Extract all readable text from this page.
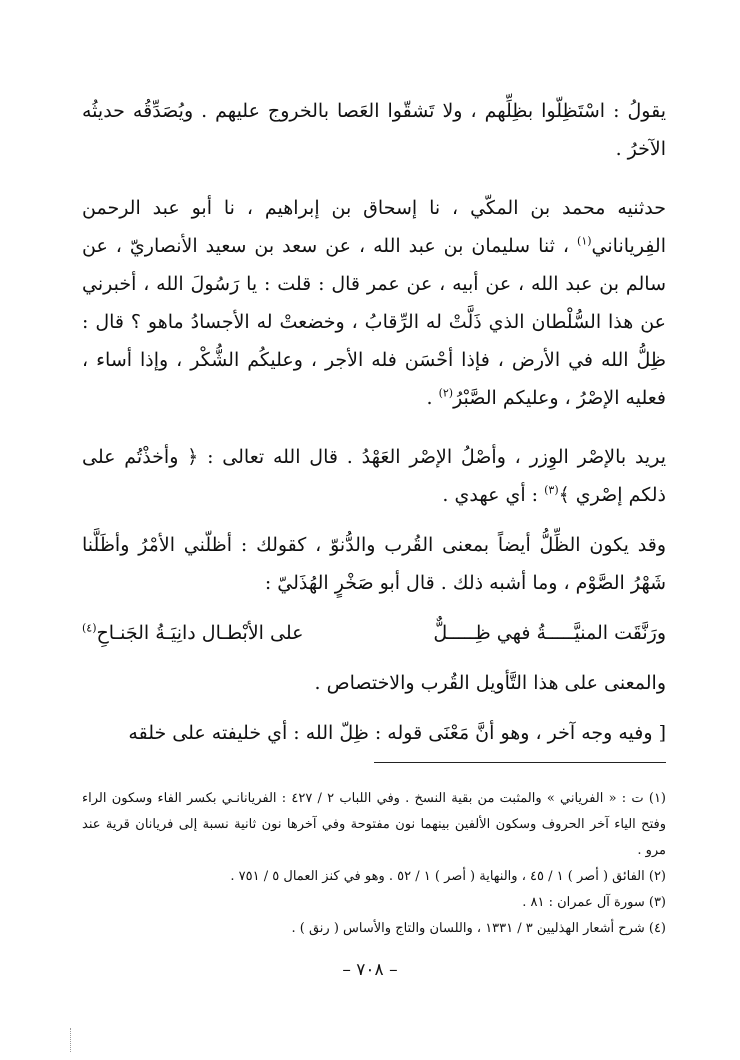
يقولُ : اسْتَظِلّوا بظِلِّهم ، ولا تَشقّوا العَصا بالخروج عليهم . ويُصَدِّقُه حديثُه الآخرُ .

حدثنيه محمد بن المكّي ، نا إسحاق بن إبراهيم ، نا أبو عبد الرحمن الفِرياناني$^{(١)}$ ، ثنا سليمان بن عبد الله ، عن سعد بن سعيد الأنصاريّ ، عن سالم بن عبد الله ، عن أبيه ، عن عمر قال : قلت : يا رَسُولَ الله ، أخبرني عن هذا السُّلْطان الذي ذَلَّتْ له الرِّقابُ ، وخضعتْ له الأجسادُ ماهو ؟ قال : ظِلُّ الله في الأرض ، فإذا أحْسَن فله الأجر ، وعليكُم الشُّكْر ، وإذا أساء ، فعليه الإصْرُ ، وعليكم الصَّبْرُ$^{(٢)}$ .

يريد بالإصْر الوِزر ، وأصْلُ الإصْر العَهْدُ . قال الله تعالى : ﴿ وأخذْتُم على ذلكم إصْري ﴾$^{(٣)}$ : أي عهدي .

وقد يكون الظِّلُّ أيضاً بمعنى القُرب والدُّنوّ ، كقولك : أظلّني الأمْرُ وأظَلَّنا شَهْرُ الصَّوْم ، وما أشبه ذلك . قال أبو صَخْرٍ الهُذَليّ :

ورَنَّقَت المنيَّـــــةُ فهي ظِـــــلٌّ
على الأبْطـال دانِيَـةُ الجَنـاحِ$^{(٤)}$

والمعنى على هذا التَّأويل القُرب والاختصاص .

[ وفيه وجه آخر ، وهو أنَّ مَعْنَى قوله : ظِلّ الله : أي خليفته على خلقه

(١) ت : « الفرياني » والمثبت من بقية النسخ . وفي اللباب ٢ / ٤٢٧ : الفريانانـي بكسر الفاء وسكون الراء وفتح الياء آخر الحروف وسكون الألفين بينهما نون مفتوحة وفي آخرها نون ثانية نسبة إلى فريانان قرية عند مرو .

(٢) الفائق ( أصر ) ١ / ٤٥ ، والنهاية ( أصر ) ١ / ٥٢ . وهو في كنز العمال ٥ / ٧٥١ .

(٣) سورة آل عمران : ٨١ .

(٤) شرح أشعار الهذليين ٣ / ١٣٣١ ، واللسان والتاج والأساس ( رنق ) .

– ٧٠٨ –
